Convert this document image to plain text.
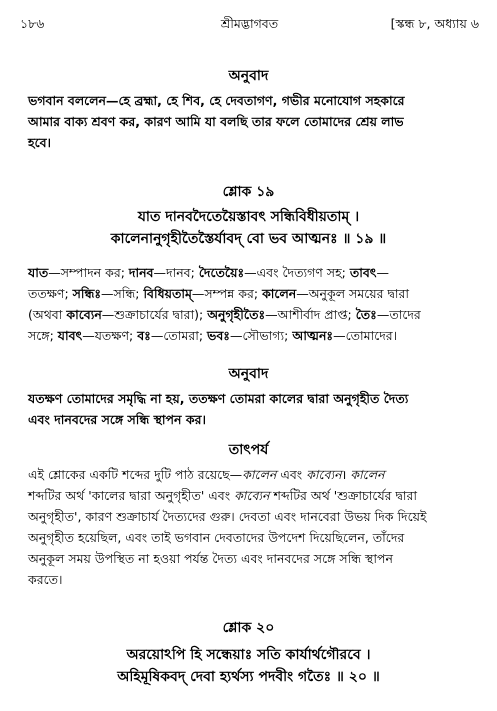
১৮৬	শ্রীমদ্ভাগবত	[স্কন্ধ ৮, অধ্যায় ৬
অনুবাদ
ভগবান বললেন—হে ব্রহ্মা, হে শিব, হে দেবতাগণ, গভীর মনোযোগ সহকারে
আমার বাক্য শ্রবণ কর, কারণ আমি যা বলছি তার ফলে তোমাদের শ্রেয় লাভ
হবে।
শ্লোক ১৯
যাত দানবদৈতেয়ৈস্তাবৎ সন্ধিবিধীয়তাম্ ।
কালেনানুগৃহীতৈস্তৈর্যাবদ্ বো ভব আত্মনঃ ॥ ১৯ ॥
যাত—সম্পাদন কর; দানব—দানব; দৈতেয়ৈঃ—এবং দৈত্যগণ সহ; তাবৎ—
ততক্ষণ; সন্ধিঃ—সন্ধি; বিধিয়তাম্—সম্পন্ন কর; কালেন—অনুকূল সময়ের দ্বারা
(অথবা কাব্যেন—শুক্রাচার্যের দ্বারা); অনুগৃহীতৈঃ—আশীর্বাদ প্রাপ্ত; তৈঃ—তাদের
সঙ্গে; যাবৎ—যতক্ষণ; বঃ—তোমরা; ভবঃ—সৌভাগ্য; আত্মনঃ—তোমাদের।
অনুবাদ
যতক্ষণ তোমাদের সমৃদ্ধি না হয়, ততক্ষণ তোমরা কালের দ্বারা অনুগৃহীত দৈত্য
এবং দানবদের সঙ্গে সন্ধি স্থাপন কর।
তাৎপর্য
এই শ্লোকের একটি শব্দের দুটি পাঠ রয়েছে—কালেন এবং কাব্যেন। কালেন
শব্দটির অর্থ 'কালের দ্বারা অনুগৃহীত' এবং কাব্যেন শব্দটির অর্থ 'শুক্রাচার্যের দ্বারা
অনুগৃহীত', কারণ শুক্রাচার্য দৈত্যদের গুরু। দেবতা এবং দানবেরা উভয় দিক দিয়েই
অনুগৃহীত হয়েছিল, এবং তাই ভগবান দেবতাদের উপদেশ দিয়েছিলেন, তাঁদের
অনুকূল সময় উপস্থিত না হওয়া পর্যন্ত দৈত্য এবং দানবদের সঙ্গে সন্ধি স্থাপন
করতে।
শ্লোক ২০
অরয়োঽপি হি সন্ধেয়াঃ সতি কার্যার্থগৌরবে ।
অহিমূষিকবদ্ দেবা হ্যর্থস্য পদবীং গতৈঃ ॥ ২০ ॥
